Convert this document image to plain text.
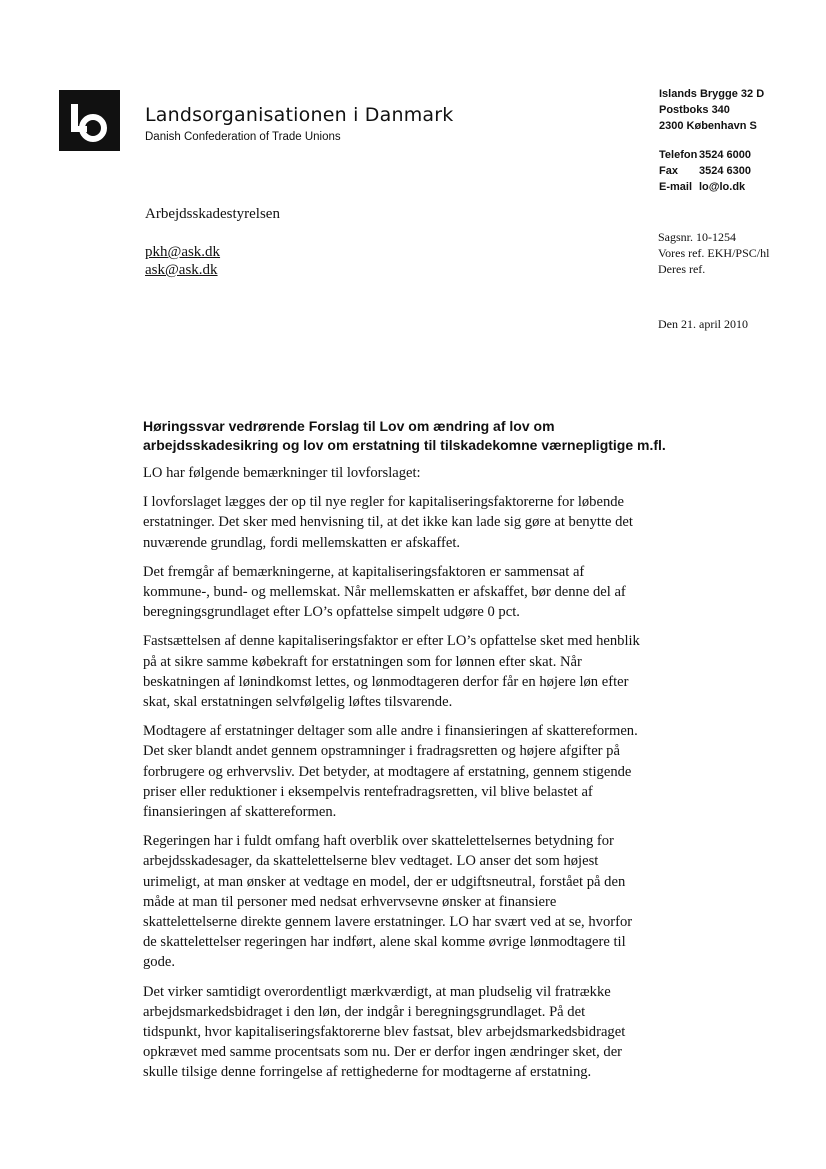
Landsorganisationen i Danmark
Danish Confederation of Trade Unions
Islands Brygge 32 D
Postboks 340
2300 København S
Telefon 3524 6000
Fax	3524 6300
E-mail lo@lo.dk
Arbejdsskadestyrelsen
pkh@ask.dk
ask@ask.dk
Sagsnr. 10-1254
Vores ref. EKH/PSC/hl
Deres ref.
Den 21. april 2010
Høringssvar vedrørende Forslag til Lov om ændring af lov om
arbejdsskadesikring og lov om erstatning til tilskadekomne værnepligtige m.fl.
LO har følgende bemærkninger til lovforslaget:
I lovforslaget lægges der op til nye regler for kapitaliseringsfaktorerne for løbende
erstatninger. Det sker med henvisning til, at det ikke kan lade sig gøre at benytte det
nuværende grundlag, fordi mellemskatten er afskaffet.
Det fremgår af bemærkningerne, at kapitaliseringsfaktoren er sammensat af
kommune-, bund- og mellemskat. Når mellemskatten er afskaffet, bør denne del af
beregningsgrundlaget efter LO’s opfattelse simpelt udgøre 0 pct.
Fastsættelsen af denne kapitaliseringsfaktor er efter LO’s opfattelse sket med henblik
på at sikre samme købekraft for erstatningen som for lønnen efter skat. Når
beskatningen af lønindkomst lettes, og lønmodtageren derfor får en højere løn efter
skat, skal erstatningen selvfølgelig løftes tilsvarende.
Modtagere af erstatninger deltager som alle andre i finansieringen af skattereformen.
Det sker blandt andet gennem opstramninger i fradragsretten og højere afgifter på
forbrugere og erhvervsliv. Det betyder, at modtagere af erstatning, gennem stigende
priser eller reduktioner i eksempelvis rentefradragsretten, vil blive belastet af
finansieringen af skattereformen.
Regeringen har i fuldt omfang haft overblik over skattelettelsernes betydning for
arbejdsskadesager, da skattelettelserne blev vedtaget. LO anser det som højest
urimeligt, at man ønsker at vedtage en model, der er udgiftsneutral, forstået på den
måde at man til personer med nedsat erhvervsevne ønsker at finansiere
skattelettelserne direkte gennem lavere erstatninger. LO har svært ved at se, hvorfor
de skattelettelser regeringen har indført, alene skal komme øvrige lønmodtagere til
gode.
Det virker samtidigt overordentligt mærkværdigt, at man pludselig vil fratrække
arbejdsmarkedsbidraget i den løn, der indgår i beregningsgrundlaget. På det
tidspunkt, hvor kapitaliseringsfaktorerne blev fastsat, blev arbejdsmarkedsbidraget
opkrævet med samme procentsats som nu. Der er derfor ingen ændringer sket, der
skulle tilsige denne forringelse af rettighederne for modtagerne af erstatning.
